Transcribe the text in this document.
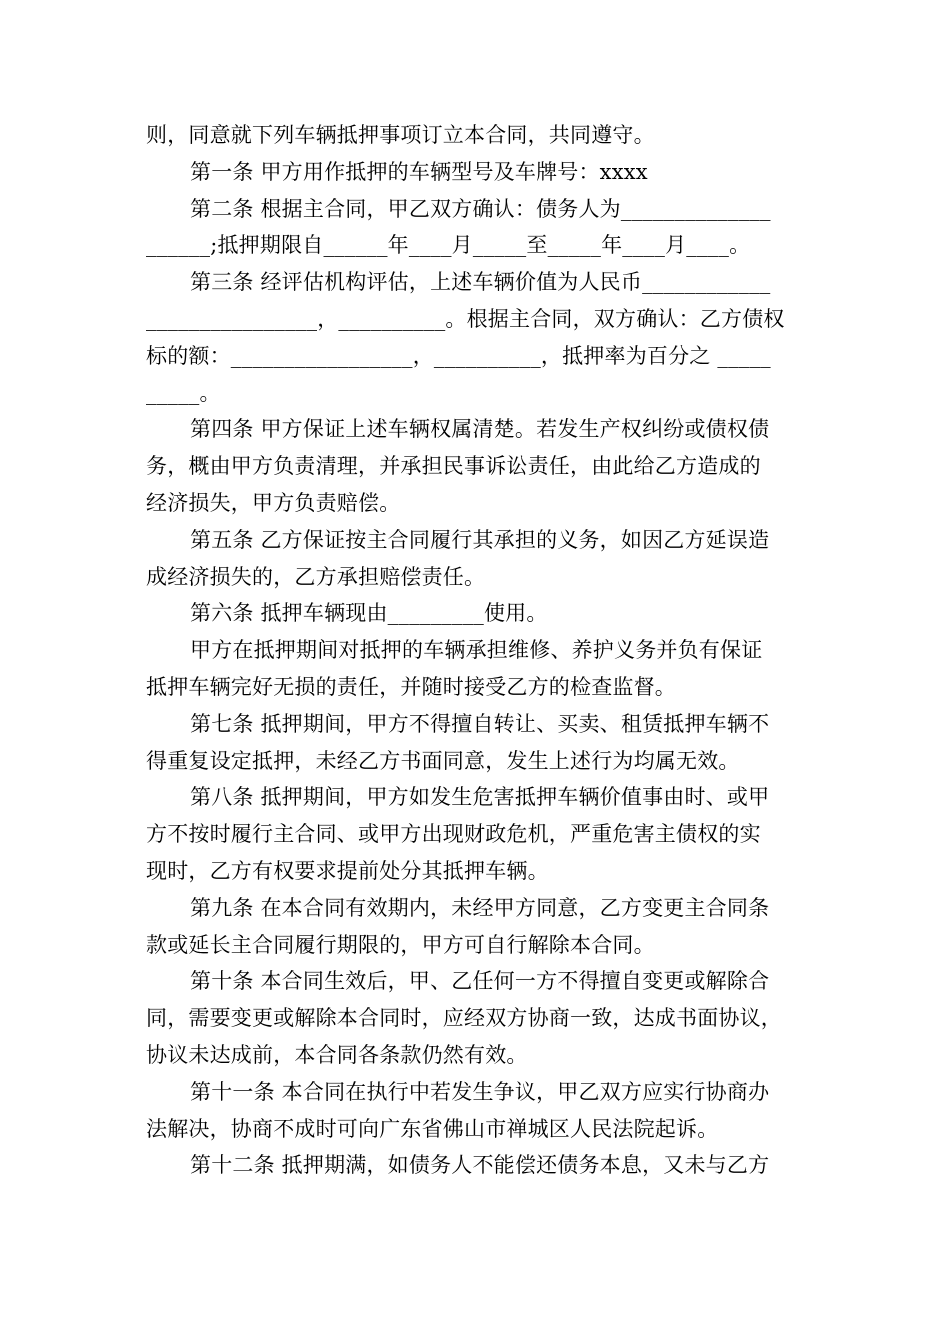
则，同意就下列车辆抵押事项订立本合同，共同遵守。
第一条 甲方用作抵押的车辆型号及车牌号：xxxx
第二条 根据主合同，甲乙双方确认：债务人为______________
______;抵押期限自______年____月_____至_____年____月____。
第三条 经评估机构评估，上述车辆价值为人民币____________
________________，__________。根据主合同，双方确认：乙方债权
标的额：_________________，__________，抵押率为百分之 _____
_____。
第四条 甲方保证上述车辆权属清楚。若发生产权纠纷或债权债
务，概由甲方负责清理，并承担民事诉讼责任，由此给乙方造成的
经济损失，甲方负责赔偿。
第五条 乙方保证按主合同履行其承担的义务，如因乙方延误造
成经济损失的，乙方承担赔偿责任。
第六条 抵押车辆现由_________使用。
甲方在抵押期间对抵押的车辆承担维修、养护义务并负有保证
抵押车辆完好无损的责任，并随时接受乙方的检查监督。
第七条 抵押期间，甲方不得擅自转让、买卖、租赁抵押车辆不
得重复设定抵押，未经乙方书面同意，发生上述行为均属无效。
第八条 抵押期间，甲方如发生危害抵押车辆价值事由时、或甲
方不按时履行主合同、或甲方出现财政危机，严重危害主债权的实
现时，乙方有权要求提前处分其抵押车辆。
第九条 在本合同有效期内，未经甲方同意，乙方变更主合同条
款或延长主合同履行期限的，甲方可自行解除本合同。
第十条 本合同生效后，甲、乙任何一方不得擅自变更或解除合
同，需要变更或解除本合同时，应经双方协商一致，达成书面协议，
协议未达成前，本合同各条款仍然有效。
第十一条 本合同在执行中若发生争议，甲乙双方应实行协商办
法解决，协商不成时可向广东省佛山市禅城区人民法院起诉。
第十二条 抵押期满，如债务人不能偿还债务本息，又未与乙方
